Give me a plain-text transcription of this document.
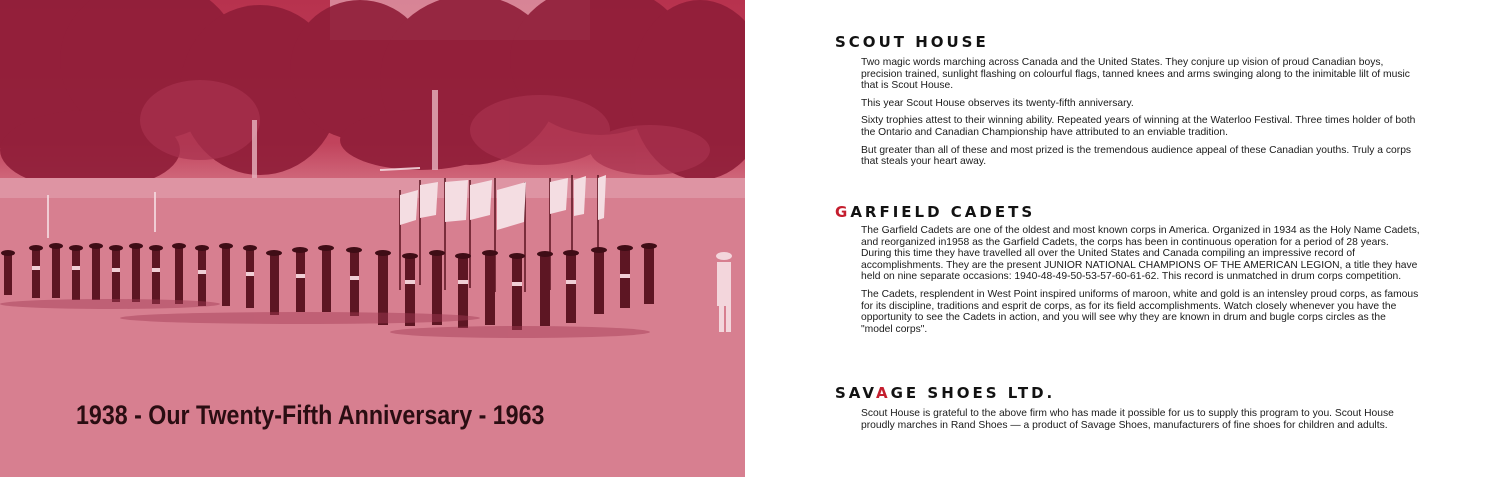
1938 - Our Twenty-Fifth Anniversary - 1963
SCOUT HOUSE

Two magic words marching across Canada and the United States. They conjure up vision of proud Canadian boys, precision trained, sunlight flashing on colourful flags, tanned knees and arms swinging along to the inimitable lilt of music that is Scout House.

This year Scout House observes its twenty-fifth anniversary.

Sixty trophies attest to their winning ability. Repeated years of winning at the Waterloo Festival. Three times holder of both the Ontario and Canadian Championship have attributed to an enviable tradition.

But greater than all of these and most prized is the tremendous audience appeal of these Canadian youths. Truly a corps that steals your heart away.

GARFIELD CADETS

The Garfield Cadets are one of the oldest and most known corps in America. Organized in 1934 as the Holy Name Cadets, and reorganized in1958 as the Garfield Cadets, the corps has been in continuous operation for a period of 28 years. During this time they have travelled all over the United States and Canada compiling an impressive record of accomplishments. They are the present JUNIOR NATIONAL CHAMPIONS OF THE AMERICAN LEGION, a title they have held on nine separate occasions: 1940-48-49-50-53-57-60-61-62. This record is unmatched in drum corps competition.

The Cadets, resplendent in West Point inspired uniforms of maroon, white and gold is an intensley proud corps, as famous for its discipline, traditions and esprit de corps, as for its field accomplishments. Watch closely whenever you have the opportunity to see the Cadets in action, and you will see why they are known in drum and bugle corps circles as the "model corps".

SAVAGE SHOES LTD.

Scout House is grateful to the above firm who has made it possible for us to supply this program to you. Scout House proudly marches in Rand Shoes — a product of Savage Shoes, manufacturers of fine shoes for children and adults.
